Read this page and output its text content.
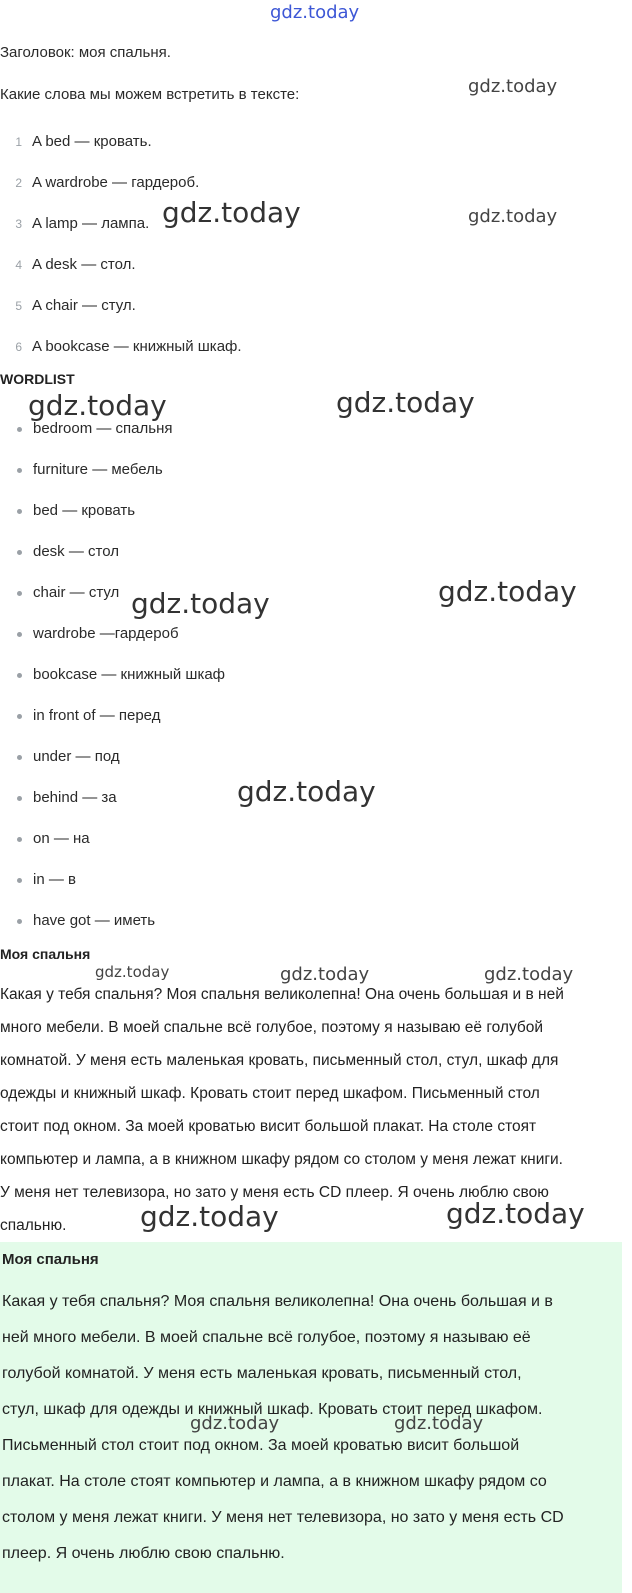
gdz.today
Заголовок: моя спальня.
Какие слова мы можем встретить в тексте:
1 A bed — кровать.
2 A wardrobe — гардероб.
3 A lamp — лампа.
4 A desk — стол.
5 A chair — стул.
6 A bookcase — книжный шкаф.
WORDLIST
bedroom — спальня
furniture — мебель
bed — кровать
desk — стол
chair — стул
wardrobe —гардероб
bookcase — книжный шкаф
in front of — перед
under — под
behind — за
on — на
in — в
have got — иметь
Моя спальня
Какая у тебя спальня? Моя спальня великолепна! Она очень большая и в ней
много мебели. В моей спальне всё голубое, поэтому я называю её голубой
комнатой. У меня есть маленькая кровать, письменный стол, стул, шкаф для
одежды и книжный шкаф. Кровать стоит перед шкафом. Письменный стол
стоит под окном. За моей кроватью висит большой плакат. На столе стоят
компьютер и лампа, а в книжном шкафу рядом со столом у меня лежат книги.
У меня нет телевизора, но зато у меня есть CD плеер. Я очень люблю свою
спальню.
Моя спальня
Какая у тебя спальня? Моя спальня великолепна! Она очень большая и в
ней много мебели. В моей спальне всё голубое, поэтому я называю её
голубой комнатой. У меня есть маленькая кровать, письменный стол,
стул, шкаф для одежды и книжный шкаф. Кровать стоит перед шкафом.
Письменный стол стоит под окном. За моей кроватью висит большой
плакат. На столе стоят компьютер и лампа, а в книжном шкафу рядом со
столом у меня лежат книги. У меня нет телевизора, но зато у меня есть CD
плеер. Я очень люблю свою спальню.
gdz.today
gdz.today	gdz.today
gdz.today	gdz.today
gdz.today	gdz.today
gdz.today
gdz.today	gdz.today	gdz.today
gdz.today	gdz.today
gdz.today	gdz.today
